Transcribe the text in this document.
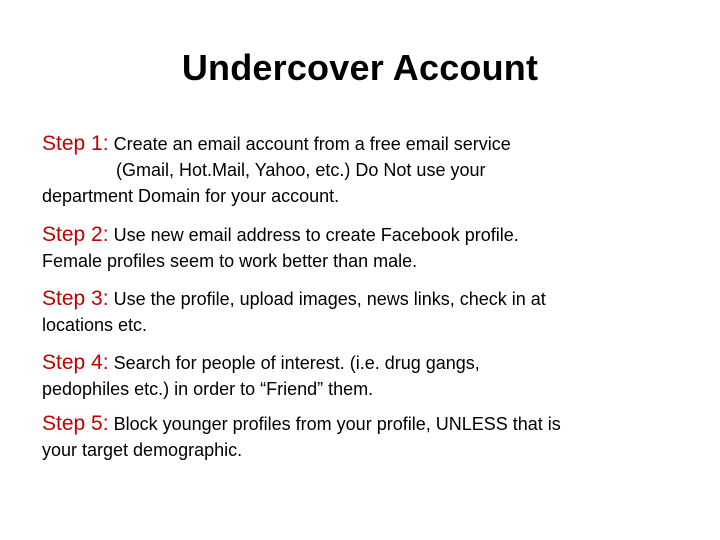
Undercover Account
Step 1: Create an email account from a free email service
(Gmail, Hot.Mail, Yahoo, etc.) Do Not use your
department Domain for your account.
Step 2: Use new email address to create Facebook profile.
Female profiles seem to work better than male.
Step 3: Use the profile, upload images, news links, check in at
locations etc.
Step 4: Search for people of interest. (i.e. drug gangs,
pedophiles etc.) in order to “Friend” them.
Step 5: Block younger profiles from your profile, UNLESS that is
your target demographic.
